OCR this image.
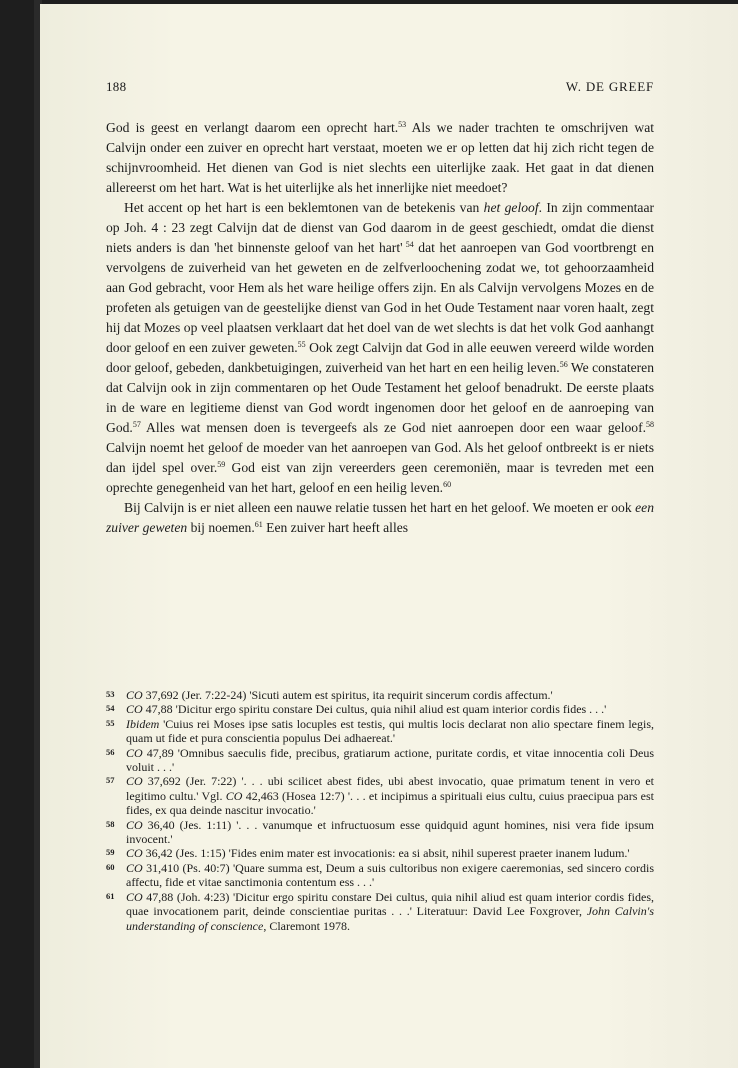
188	W. DE GREEF

God is geest en verlangt daarom een oprecht hart.$^{53}$ Als we nader trachten te omschrijven wat Calvijn onder een zuiver en oprecht hart verstaat, moeten we er op letten dat hij zich richt tegen de schijnvroomheid. Het dienen van God is niet slechts een uiterlijke zaak. Het gaat in dat dienen allereerst om het hart. Wat is het uiterlijke als het innerlijke niet meedoet?

Het accent op het hart is een beklemtonen van de betekenis van het geloof. In zijn commentaar op Joh. 4 : 23 zegt Calvijn dat de dienst van God daarom in de geest geschiedt, omdat die dienst niets anders is dan 'het binnenste geloof van het hart' $^{54}$ dat het aanroepen van God voortbrengt en vervolgens de zuiverheid van het geweten en de zelfverloochening zodat we, tot gehoorzaamheid aan God gebracht, voor Hem als het ware heilige offers zijn. En als Calvijn vervolgens Mozes en de profeten als getuigen van de geestelijke dienst van God in het Oude Testament naar voren haalt, zegt hij dat Mozes op veel plaatsen verklaart dat het doel van de wet slechts is dat het volk God aanhangt door geloof en een zuiver geweten.$^{55}$ Ook zegt Calvijn dat God in alle eeuwen vereerd wilde worden door geloof, gebeden, dankbetuigingen, zuiverheid van het hart en een heilig leven.$^{56}$ We constateren dat Calvijn ook in zijn commentaren op het Oude Testament het geloof benadrukt. De eerste plaats in de ware en legitieme dienst van God wordt ingenomen door het geloof en de aanroeping van God.$^{57}$ Alles wat mensen doen is tevergeefs als ze God niet aanroepen door een waar geloof.$^{58}$ Calvijn noemt het geloof de moeder van het aanroepen van God. Als het geloof ontbreekt is er niets dan ijdel spel over.$^{59}$ God eist van zijn vereerders geen ceremoniën, maar is tevreden met een oprechte genegenheid van het hart, geloof en een heilig leven.$^{60}$

Bij Calvijn is er niet alleen een nauwe relatie tussen het hart en het geloof. We moeten er ook een zuiver geweten bij noemen.$^{61}$ Een zuiver hart heeft alles

53 CO 37,692 (Jer. 7:22-24) 'Sicuti autem est spiritus, ita requirit sincerum cordis affectum.'
54 CO 47,88 'Dicitur ergo spiritu constare Dei cultus, quia nihil aliud est quam interior cordis fides . . .'
55 Ibidem 'Cuius rei Moses ipse satis locuples est testis, qui multis locis declarat non alio spectare finem legis, quam ut fide et pura conscientia populus Dei adhaereat.'
56 CO 47,89 'Omnibus saeculis fide, precibus, gratiarum actione, puritate cordis, et vitae innocentia coli Deus voluit . . .'
57 CO 37,692 (Jer. 7:22) '. . . ubi scilicet abest fides, ubi abest invocatio, quae primatum tenent in vero et legitimo cultu.' Vgl. CO 42,463 (Hosea 12:7) '. . . et incipimus a spirituali eius cultu, cuius praecipua pars est fides, ex qua deinde nascitur invocatio.'
58 CO 36,40 (Jes. 1:11) '. . . vanumque et infructuosum esse quidquid agunt homines, nisi vera fide ipsum invocent.'
59 CO 36,42 (Jes. 1:15) 'Fides enim mater est invocationis: ea si absit, nihil superest praeter inanem ludum.'
60 CO 31,410 (Ps. 40:7) 'Quare summa est, Deum a suis cultoribus non exigere caeremonias, sed sincero cordis affectu, fide et vitae sanctimonia contentum ess . . .'
61 CO 47,88 (Joh. 4:23) 'Dicitur ergo spiritu constare Dei cultus, quia nihil aliud est quam interior cordis fides, quae invocationem parit, deinde conscientiae puritas . . .' Literatuur: David Lee Foxgrover, John Calvin's understanding of conscience, Claremont 1978.
